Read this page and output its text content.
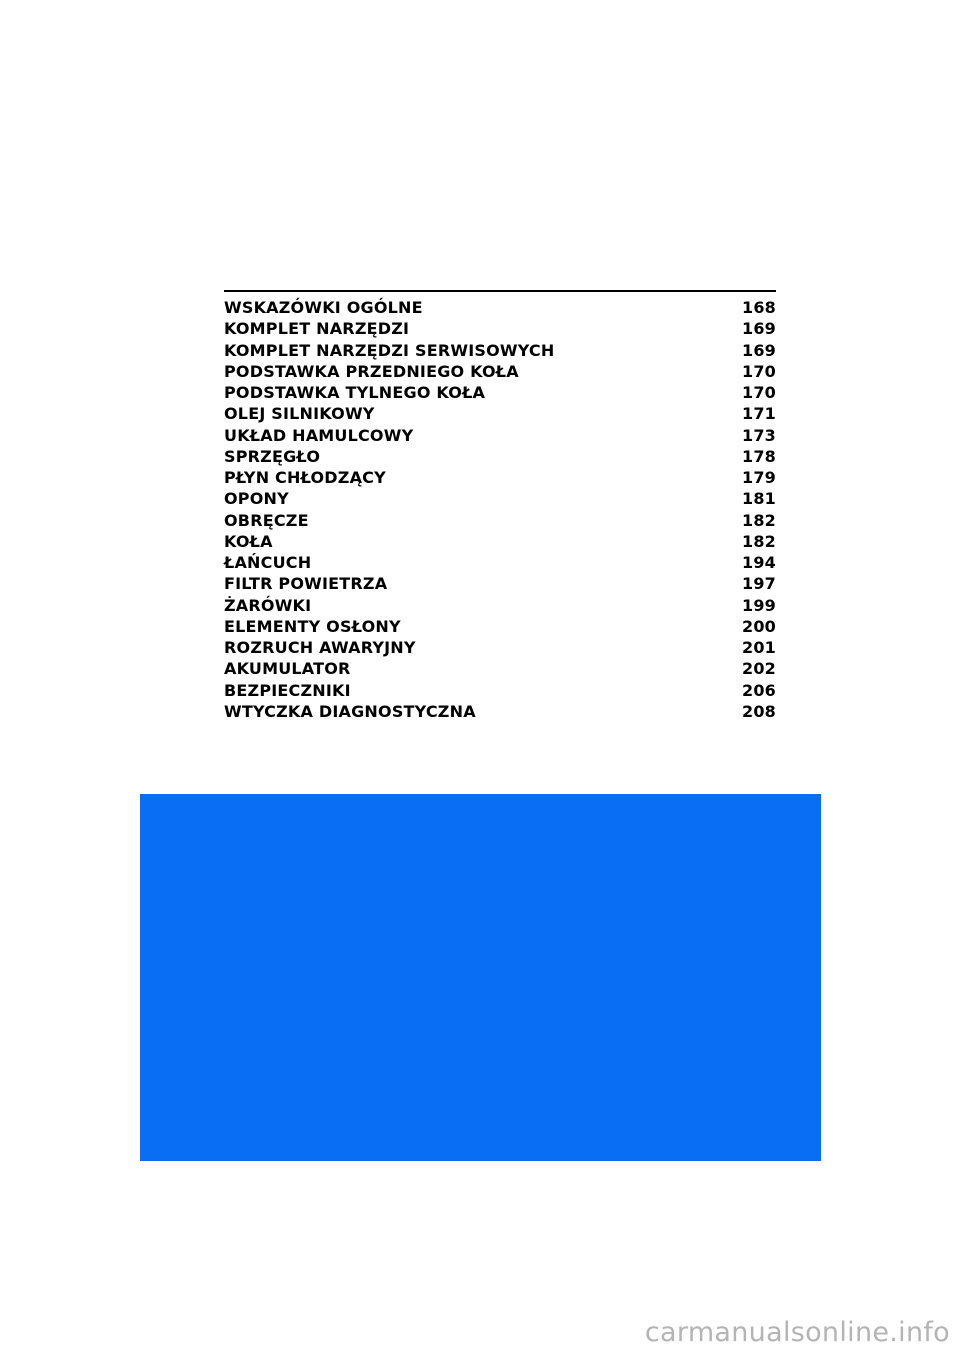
WSKAZÓWKI OGÓLNE	168
KOMPLET NARZĘDZI	169
KOMPLET NARZĘDZI SERWISOWYCH	169
PODSTAWKA PRZEDNIEGO KOŁA	170
PODSTAWKA TYLNEGO KOŁA	170
OLEJ SILNIKOWY	171
UKŁAD HAMULCOWY	173
SPRZĘGŁO	178
PŁYN CHŁODZĄCY	179
OPONY	181
OBRĘCZE	182
KOŁA	182
ŁAŃCUCH	194
FILTR POWIETRZA	197
ŻARÓWKI	199
ELEMENTY OSŁONY	200
ROZRUCH AWARYJNY	201
AKUMULATOR	202
BEZPIECZNIKI	206
WTYCZKA DIAGNOSTYCZNA	208
carmanualsonline.info
